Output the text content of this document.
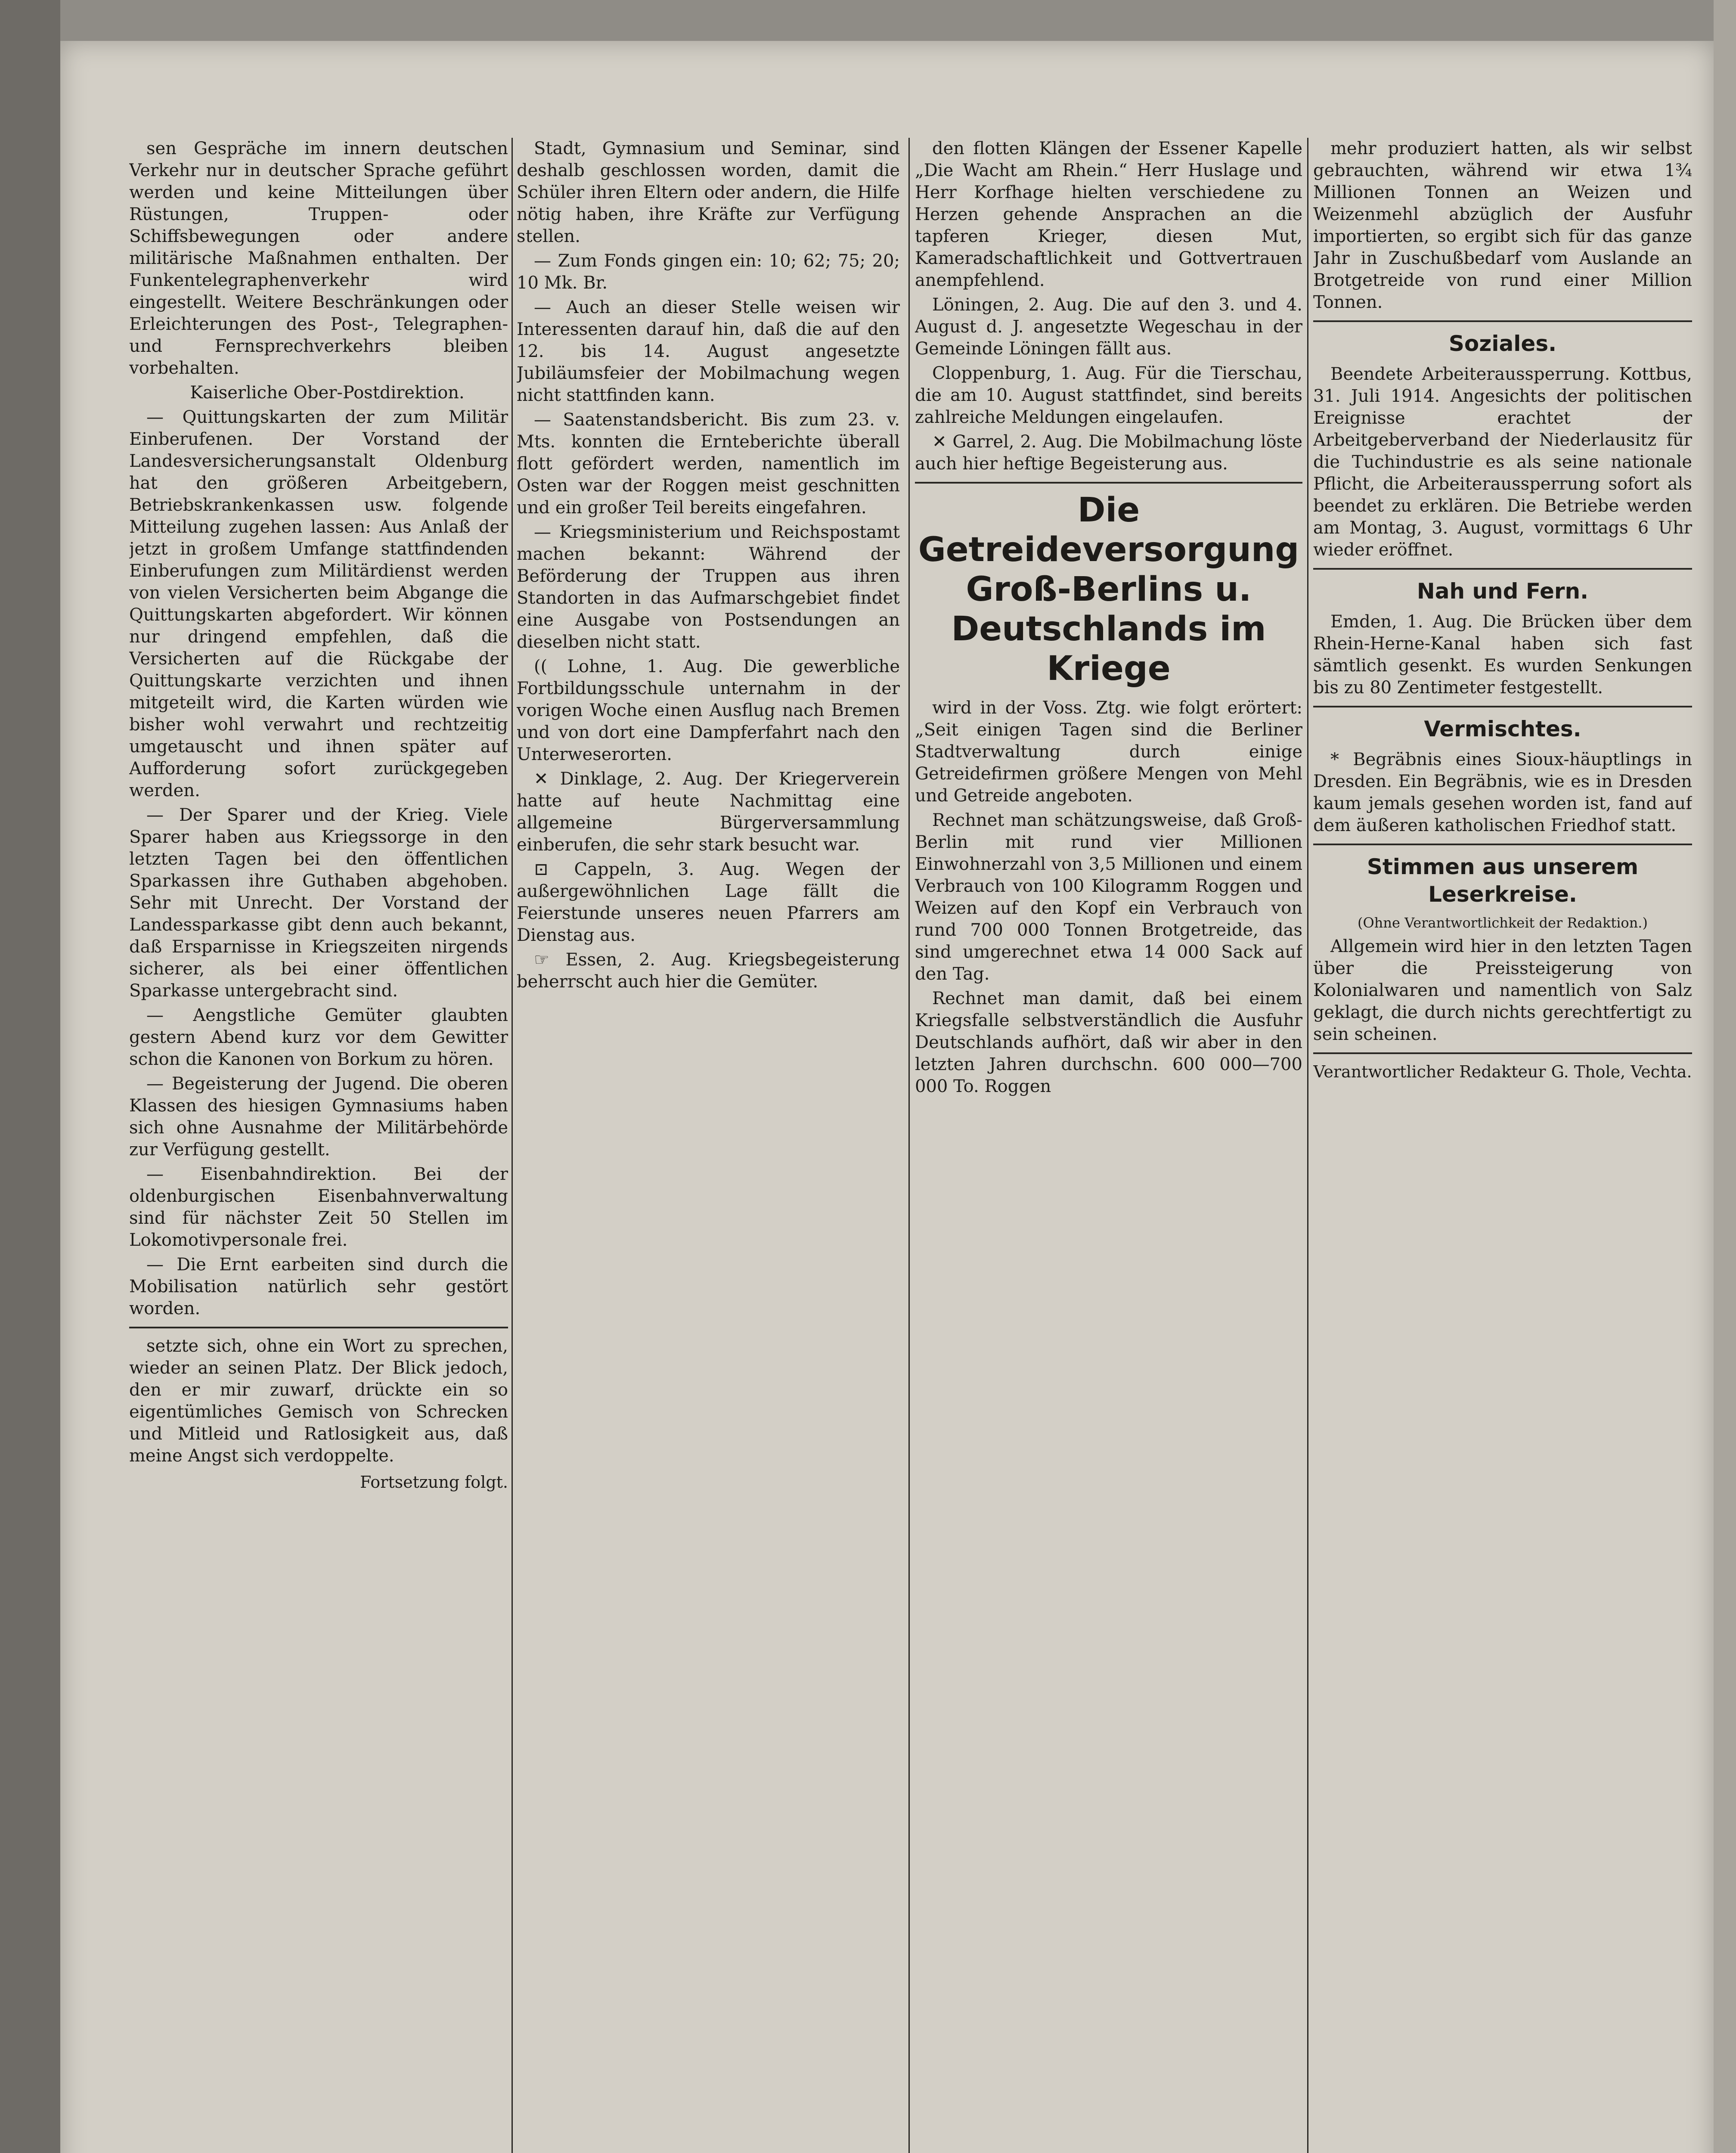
sen Gespräche im innern deutschen Verkehr nur in deutscher Sprache geführt werden und keine Mitteilungen über Rüstungen, Truppen- oder Schiffsbewegungen oder andere militärische Maßnahmen enthalten. Der Funkentelegraphenverkehr wird eingestellt. Weitere Beschränkungen oder Erleichterungen des Post-, Telegraphen- und Fernsprechverkehrs bleiben vorbehalten.

Kaiserliche Ober-Postdirektion.

— Quittungskarten der zum Militär Einberufenen. Der Vorstand der Landesversicherungsanstalt Oldenburg hat den größeren Arbeitgebern, Betriebskrankenkassen usw. folgende Mitteilung zugehen lassen: Aus Anlaß der jetzt in großem Umfange stattfindenden Einberufungen zum Militärdienst werden von vielen Versicherten beim Abgange die Quittungskarten abgefordert. Wir können nur dringend empfehlen, daß die Versicherten auf die Rückgabe der Quittungskarte verzichten und ihnen mitgeteilt wird, die Karten würden wie bisher wohl verwahrt und rechtzeitig umgetauscht und ihnen später auf Aufforderung sofort zurückgegeben werden.

— Der Sparer und der Krieg. Viele Sparer haben aus Kriegssorge in den letzten Tagen bei den öffentlichen Sparkassen ihre Guthaben abgehoben. Sehr mit Unrecht. Der Vorstand der Landessparkasse gibt denn auch bekannt, daß Ersparnisse in Kriegszeiten nirgends sicherer, als bei einer öffentlichen Sparkasse untergebracht sind.

— Aengstliche Gemüter glaubten gestern Abend kurz vor dem Gewitter schon die Kanonen von Borkum zu hören.

— Begeisterung der Jugend. Die oberen Klassen des hiesigen Gymnasiums haben sich ohne Ausnahme der Militärbehörde zur Verfügung gestellt.

— Eisenbahndirektion. Bei der oldenburgischen Eisenbahnverwaltung sind für nächster Zeit 50 Stellen im Lokomotivpersonale frei.

— Die Ernt earbeiten sind durch die Mobilisation natürlich sehr gestört worden.

setzte sich, ohne ein Wort zu sprechen, wieder an seinen Platz. Der Blick jedoch, den er mir zuwarf, drückte ein so eigentümliches Gemisch von Schrecken und Mitleid und Ratlosigkeit aus, daß meine Angst sich verdoppelte.

Fortsetzung folgt.

Stadt, Gymnasium und Seminar, sind deshalb geschlossen worden, damit die Schüler ihren Eltern oder andern, die Hilfe nötig haben, ihre Kräfte zur Verfügung stellen.

— Zum Fonds gingen ein: 10; 62; 75; 20; 10 Mk. Br.

— Auch an dieser Stelle weisen wir Interessenten darauf hin, daß die auf den 12. bis 14. August angesetzte Jubiläumsfeier der Mobilmachung wegen nicht stattfinden kann.

— Saatenstandsbericht. Bis zum 23. v. Mts. konnten die Ernteberichte überall flott gefördert werden, namentlich im Osten war der Roggen meist geschnitten und ein großer Teil bereits eingefahren.

— Kriegsministerium und Reichspostamt machen bekannt: Während der Beförderung der Truppen aus ihren Standorten in das Aufmarschgebiet findet eine Ausgabe von Postsendungen an dieselben nicht statt.

(( Lohne, 1. Aug. Die gewerbliche Fortbildungsschule unternahm in der vorigen Woche einen Ausflug nach Bremen und von dort eine Dampferfahrt nach den Unterweserorten.

✕ Dinklage, 2. Aug. Der Kriegerverein hatte auf heute Nachmittag eine allgemeine Bürgerversammlung einberufen, die sehr stark besucht war.

⊡ Cappeln, 3. Aug. Wegen der außergewöhnlichen Lage fällt die Feierstunde unseres neuen Pfarrers am Dienstag aus.

☞ Essen, 2. Aug. Kriegsbegeisterung beherrscht auch hier die Gemüter.

den flotten Klängen der Essener Kapelle „Die Wacht am Rhein.“ Herr Huslage und Herr Korfhage hielten verschiedene zu Herzen gehende Ansprachen an die tapferen Krieger, diesen Mut, Kameradschaftlichkeit und Gottvertrauen anempfehlend.

Löningen, 2. Aug. Die auf den 3. und 4. August d. J. angesetzte Wegeschau in der Gemeinde Löningen fällt aus.

Cloppenburg, 1. Aug. Für die Tierschau, die am 10. August stattfindet, sind bereits zahlreiche Meldungen eingelaufen.

✕ Garrel, 2. Aug. Die Mobilmachung löste auch hier heftige Begeisterung aus.

Die Getreideversorgung Groß-Berlins u. Deutschlands im Kriege

wird in der Voss. Ztg. wie folgt erörtert: „Seit einigen Tagen sind die Berliner Stadtverwaltung durch einige Getreidefirmen größere Mengen von Mehl und Getreide angeboten.

Rechnet man schätzungsweise, daß Groß-Berlin mit rund vier Millionen Einwohnerzahl von 3,5 Millionen und einem Verbrauch von 100 Kilogramm Roggen und Weizen auf den Kopf ein Verbrauch von rund 700 000 Tonnen Brotgetreide, das sind umgerechnet etwa 14 000 Sack auf den Tag.

Rechnet man damit, daß bei einem Kriegsfalle selbstverständlich die Ausfuhr Deutschlands aufhört, daß wir aber in den letzten Jahren durchschn. 600 000—700 000 To. Roggen

mehr produziert hatten, als wir selbst gebrauchten, während wir etwa 1¾ Millionen Tonnen an Weizen und Weizenmehl abzüglich der Ausfuhr importierten, so ergibt sich für das ganze Jahr in Zuschußbedarf vom Auslande an Brotgetreide von rund einer Million Tonnen.

Soziales.

Beendete Arbeiteraussperrung. Kottbus, 31. Juli 1914. Angesichts der politischen Ereignisse erachtet der Arbeitgeberverband der Niederlausitz für die Tuchindustrie es als seine nationale Pflicht, die Arbeiteraussperrung sofort als beendet zu erklären. Die Betriebe werden am Montag, 3. August, vormittags 6 Uhr wieder eröffnet.

Nah und Fern.

Emden, 1. Aug. Die Brücken über dem Rhein-Herne-Kanal haben sich fast sämtlich gesenkt. Es wurden Senkungen bis zu 80 Zentimeter festgestellt.

Vermischtes.

* Begräbnis eines Sioux-häuptlings in Dresden. Ein Begräbnis, wie es in Dresden kaum jemals gesehen worden ist, fand auf dem äußeren katholischen Friedhof statt.

Stimmen aus unserem Leserkreise.
(Ohne Verantwortlichkeit der Redaktion.)

Allgemein wird hier in den letzten Tagen über die Preissteigerung von Kolonialwaren und namentlich von Salz geklagt, die durch nichts gerechtfertigt zu sein scheinen.

Verantwortlicher Redakteur G. Thole, Vechta.
